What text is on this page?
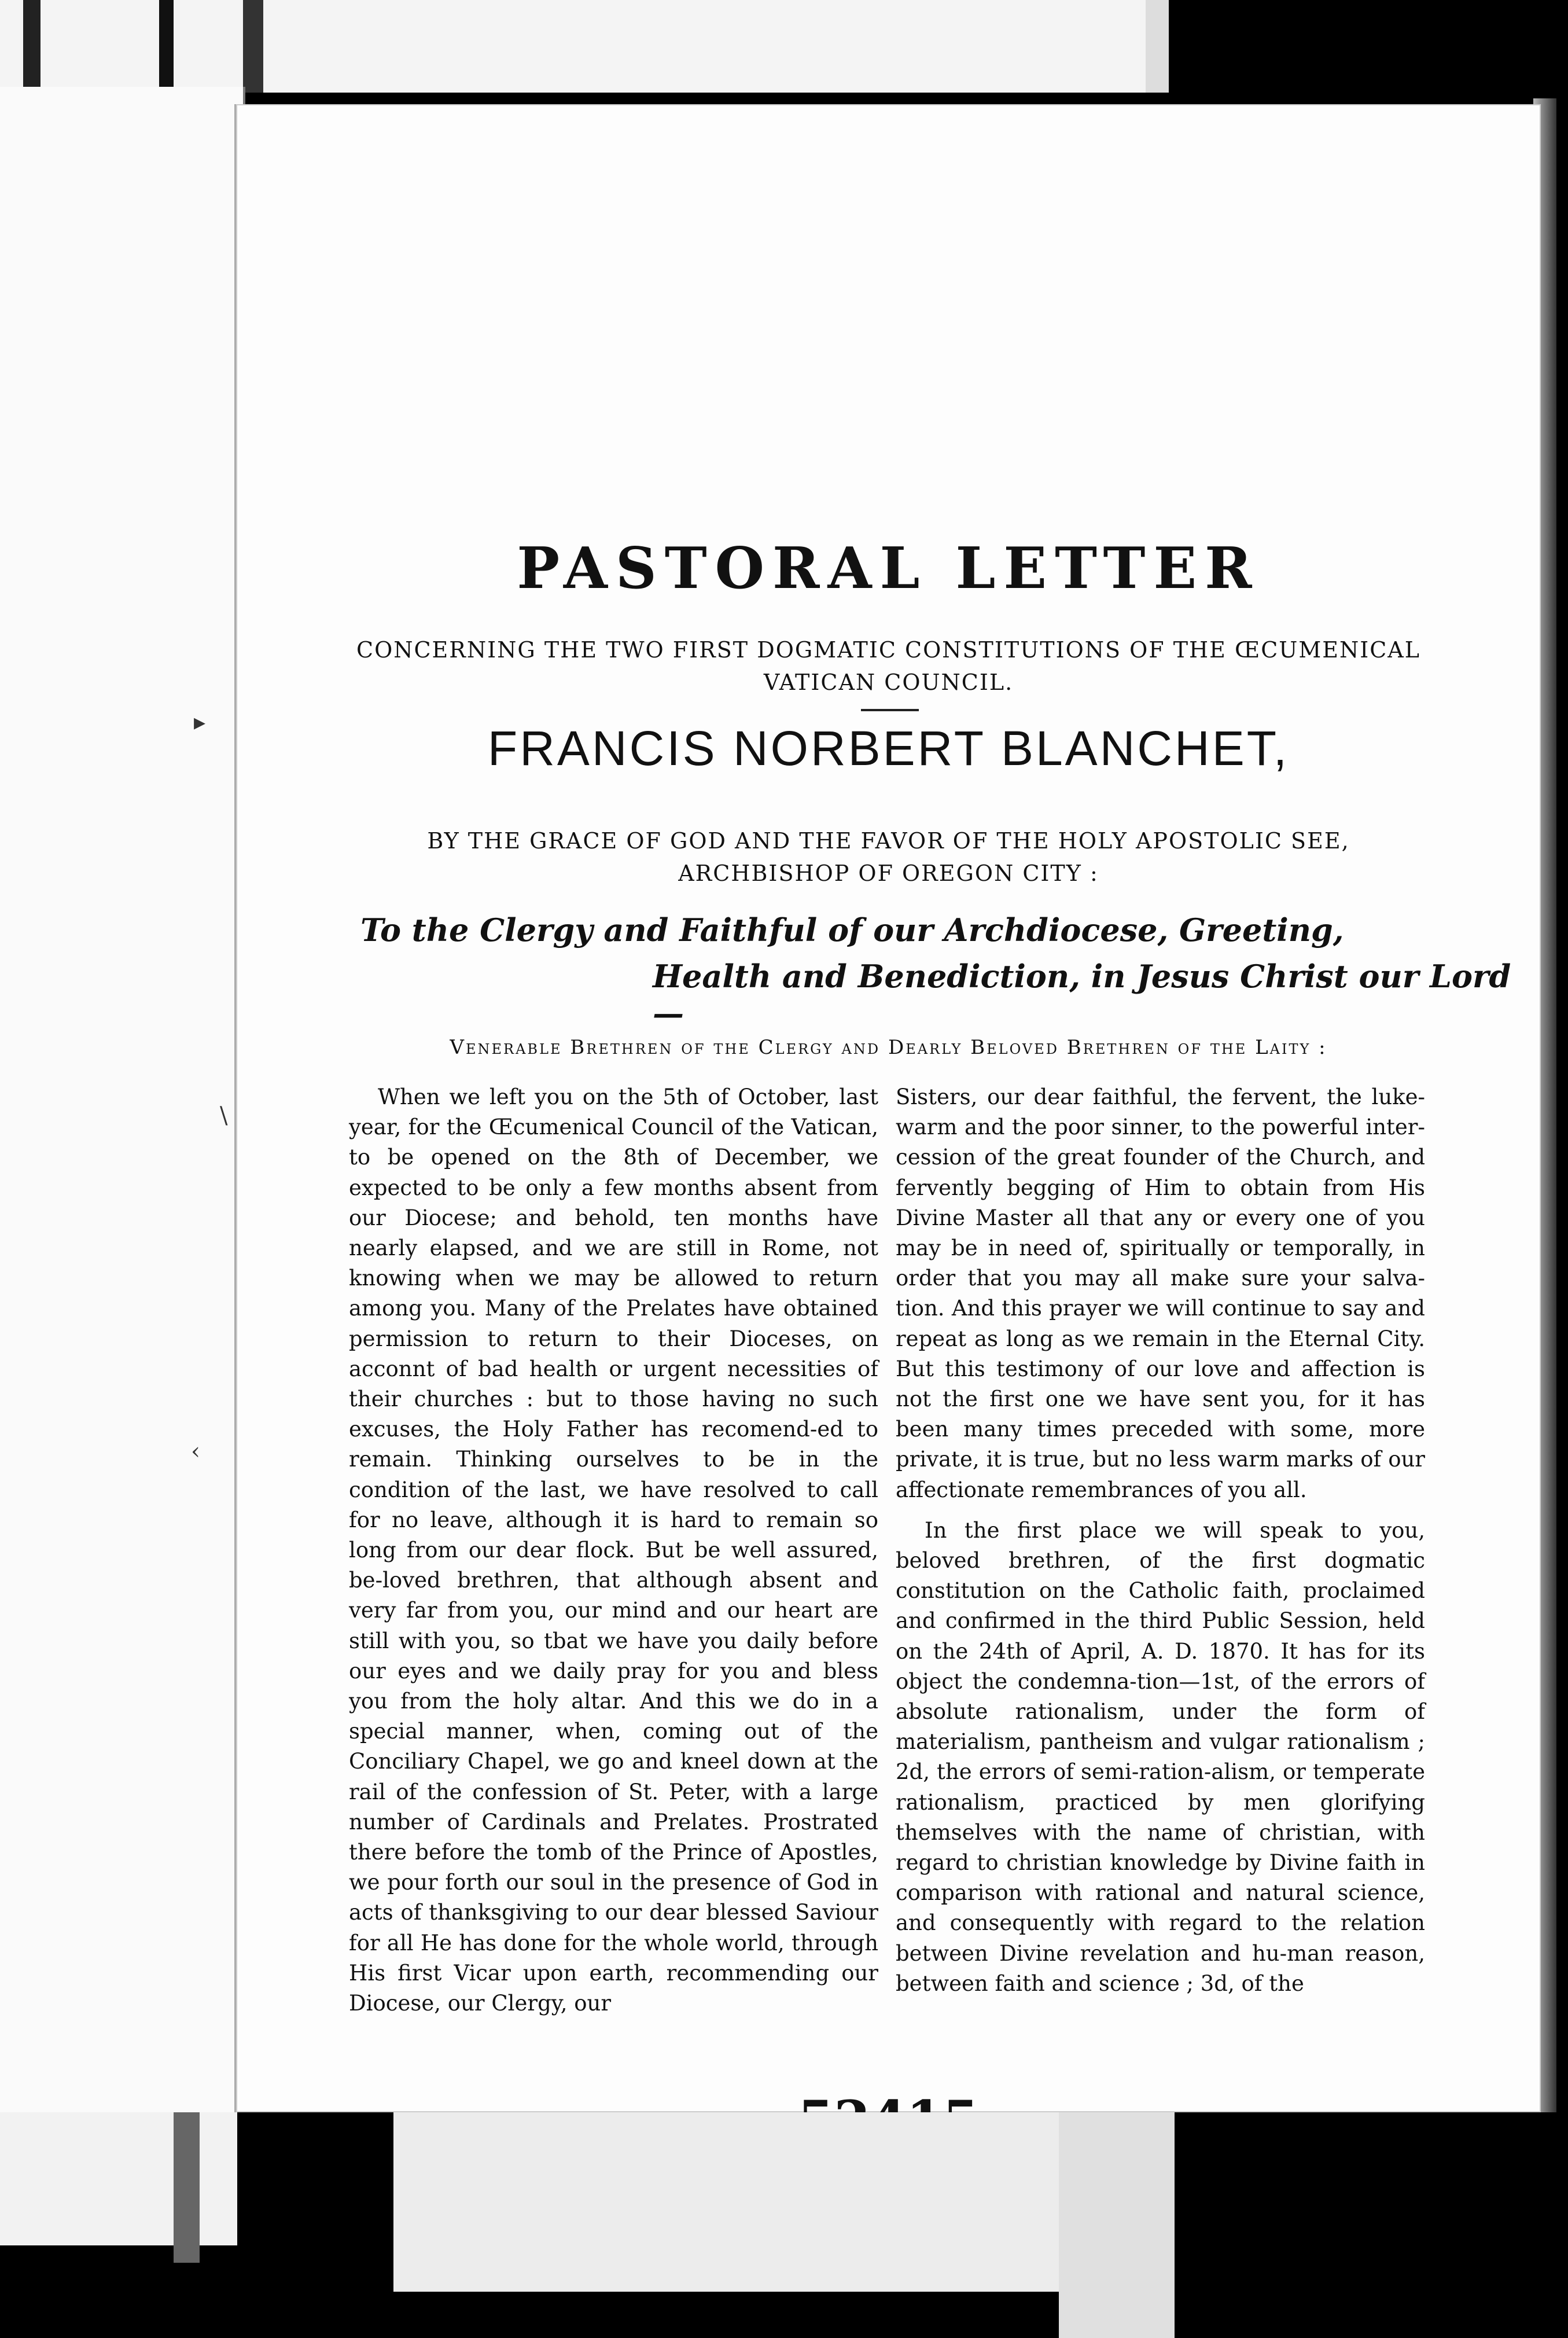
▸
\
‹
PASTORAL LETTER
CONCERNING THE TWO FIRST DOGMATIC CONSTITUTIONS OF THE ŒCUMENICAL
VATICAN COUNCIL.
FRANCIS NORBERT BLANCHET,
BY THE GRACE OF GOD AND THE FAVOR OF THE HOLY APOSTOLIC SEE,
ARCHBISHOP OF OREGON CITY :
To the Clergy and Faithful of our Archdiocese, Greeting,
Health and Benediction, in Jesus Christ our Lord—
Venerable Brethren of the Clergy and Dearly Beloved Brethren of the Laity :

When we left you on the 5th of October, last year, for the Œcumenical Council of the Vatican, to be opened on the 8th of December, we expected to be only a few months absent from our Diocese; and behold, ten months have nearly elapsed, and we are still in Rome, not knowing when we may be allowed to return among you. Many of the Prelates have obtained permission to return to their Dioceses, on acconnt of bad health or urgent necessities of their churches : but to those having no such excuses, the Holy Father has recomend-ed to remain. Thinking ourselves to be in the condition of the last, we have resolved to call for no leave, although it is hard to remain so long from our dear flock. But be well assured, be-loved brethren, that although absent and very far from you, our mind and our heart are still with you, so tbat we have you daily before our eyes and we daily pray for you and bless you from the holy altar. And this we do in a special manner, when, coming out of the Conciliary Chapel, we go and kneel down at the rail of the confession of St. Peter, with a large number of Cardinals and Prelates. Prostrated there before the tomb of the Prince of Apostles, we pour forth our soul in the presence of God in acts of thanksgiving to our dear blessed Saviour for all He has done for the whole world, through His first Vicar upon earth, recommending our Diocese, our Clergy, our

Sisters, our dear faithful, the fervent, the luke-warm and the poor sinner, to the powerful inter-cession of the great founder of the Church, and fervently begging of Him to obtain from His Divine Master all that any or every one of you may be in need of, spiritually or temporally, in order that you may all make sure your salva-tion. And this prayer we will continue to say and repeat as long as we remain in the Eternal City. But this testimony of our love and affection is not the first one we have sent you, for it has been many times preceded with some, more private, it is true, but no less warm marks of our affectionate remembrances of you all.

In the first place we will speak to you, beloved brethren, of the first dogmatic constitution on the Catholic faith, proclaimed and confirmed in the third Public Session, held on the 24th of April, A. D. 1870. It has for its object the condemna-tion—1st, of the errors of absolute rationalism, under the form of materialism, pantheism and vulgar rationalism ; 2d, the errors of semi-ration-alism, or temperate rationalism, practiced by men glorifying themselves with the name of christian, with regard to christian knowledge by Divine faith in comparison with rational and natural science, and consequently with regard to the relation between Divine revelation and hu-man reason, between faith and science ; 3d, of the
